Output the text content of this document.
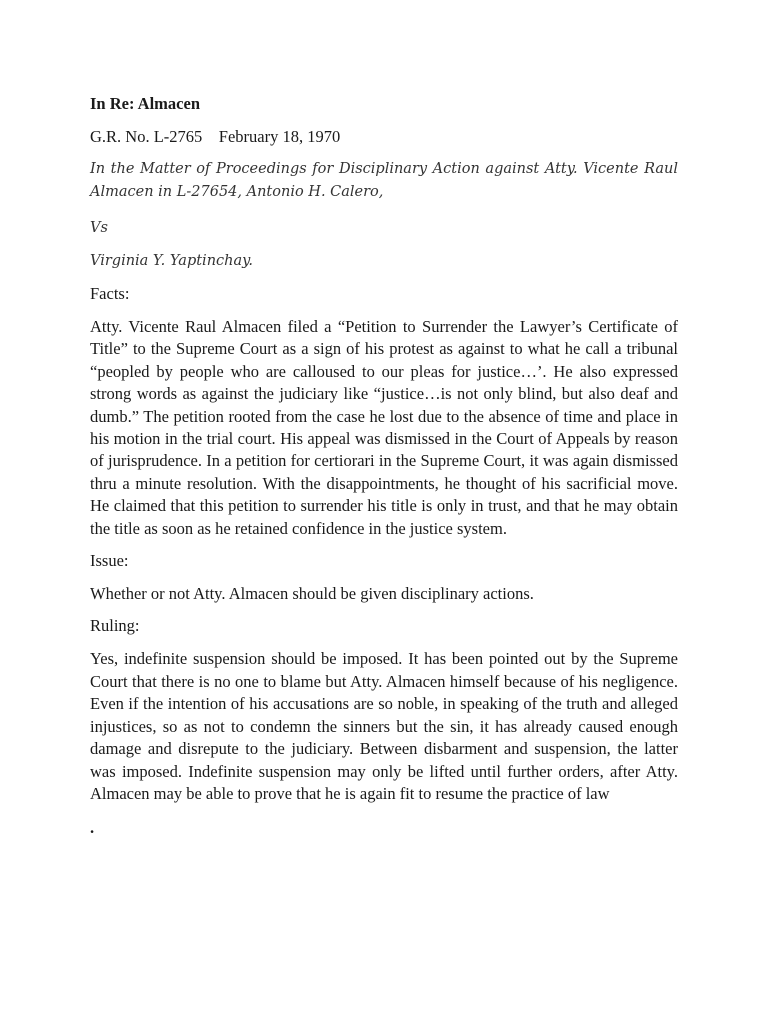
In Re: Almacen

G.R. No. L-2765 February 18, 1970

In the Matter of Proceedings for Disciplinary Action against Atty. Vicente Raul Almacen in L-27654, Antonio H. Calero,

Vs

Virginia Y. Yaptinchay.

Facts:

Atty. Vicente Raul Almacen filed a “Petition to Surrender the Lawyer’s Certificate of Title” to the Supreme Court as a sign of his protest as against to what he call a tribunal “peopled by people who are calloused to our pleas for justice…’. He also expressed strong words as against the judiciary like “justice…is not only blind, but also deaf and dumb.” The petition rooted from the case he lost due to the absence of time and place in his motion in the trial court. His appeal was dismissed in the Court of Appeals by reason of jurisprudence. In a petition for certiorari in the Supreme Court, it was again dismissed thru a minute resolution. With the disappointments, he thought of his sacrificial move. He claimed that this petition to surrender his title is only in trust, and that he may obtain the title as soon as he retained confidence in the justice system.

Issue:

Whether or not Atty. Almacen should be given disciplinary actions.

Ruling:

Yes, indefinite suspension should be imposed. It has been pointed out by the Supreme Court that there is no one to blame but Atty. Almacen himself because of his negligence. Even if the intention of his accusations are so noble, in speaking of the truth and alleged injustices, so as not to condemn the sinners but the sin, it has already caused enough damage and disrepute to the judiciary. Between disbarment and suspension, the latter was imposed. Indefinite suspension may only be lifted until further orders, after Atty. Almacen may be able to prove that he is again fit to resume the practice of law

.
